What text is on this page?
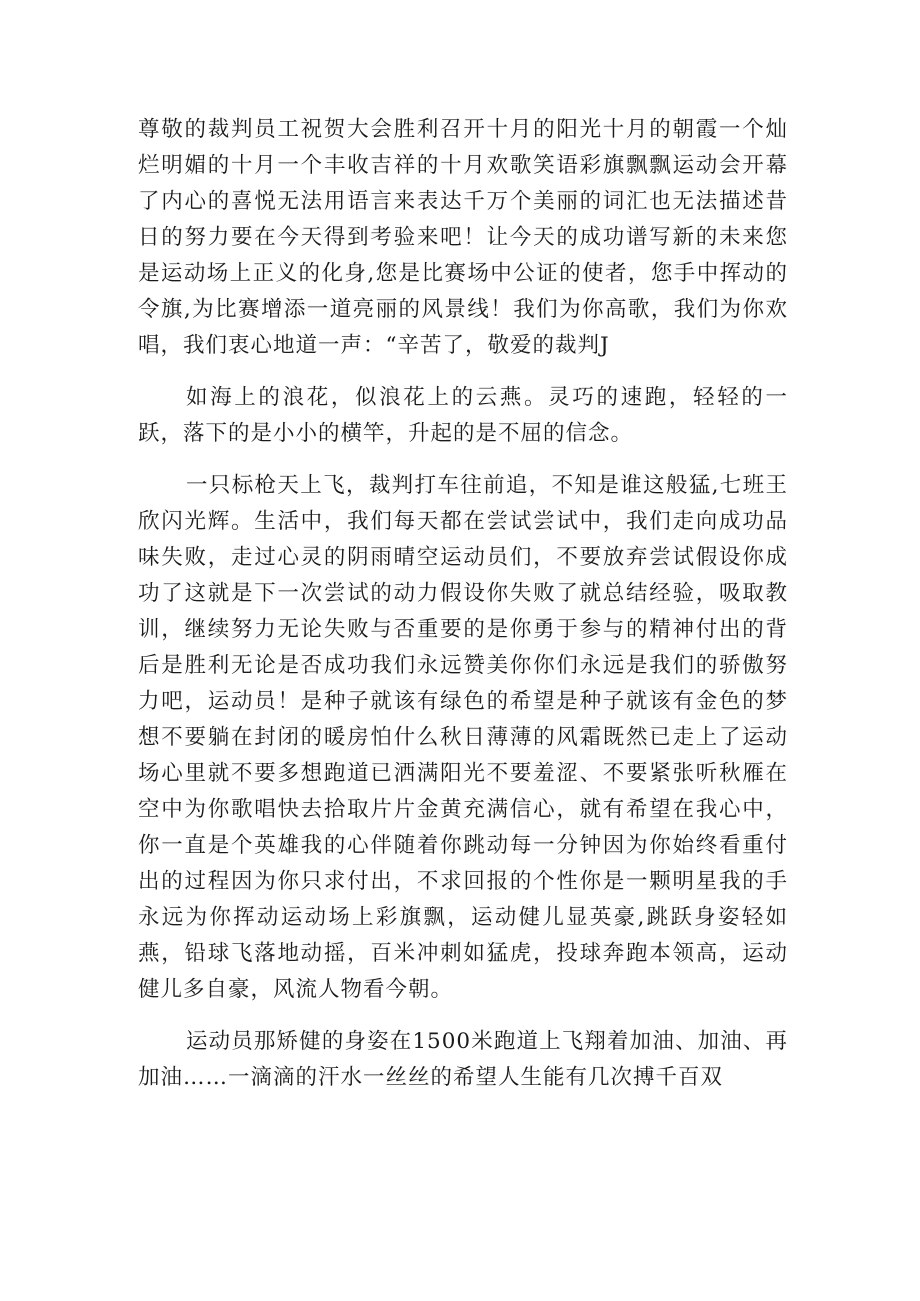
尊敬的裁判员工祝贺大会胜利召开十月的阳光十月的朝霞一个灿烂明媚的十月一个丰收吉祥的十月欢歌笑语彩旗飘飘运动会开幕了内心的喜悦无法用语言来表达千万个美丽的词汇也无法描述昔日的努力要在今天得到考验来吧！让今天的成功谱写新的未来您是运动场上正义的化身,您是比赛场中公证的使者，您手中挥动的令旗,为比赛增添一道亮丽的风景线！我们为你高歌，我们为你欢唱，我们衷心地道一声：“辛苦了，敬爱的裁判J

如海上的浪花，似浪花上的云燕。灵巧的速跑，轻轻的一跃，落下的是小小的横竿，升起的是不屈的信念。

一只标枪天上飞，裁判打车往前追，不知是谁这般猛,七班王欣闪光辉。生活中，我们每天都在尝试尝试中，我们走向成功品味失败，走过心灵的阴雨晴空运动员们，不要放弃尝试假设你成功了这就是下一次尝试的动力假设你失败了就总结经验，吸取教训，继续努力无论失败与否重要的是你勇于参与的精神付出的背后是胜利无论是否成功我们永远赞美你你们永远是我们的骄傲努力吧，运动员！是种子就该有绿色的希望是种子就该有金色的梦想不要躺在封闭的暖房怕什么秋日薄薄的风霜既然已走上了运动场心里就不要多想跑道已洒满阳光不要羞涩、不要紧张听秋雁在空中为你歌唱快去拾取片片金黄充满信心，就有希望在我心中，你一直是个英雄我的心伴随着你跳动每一分钟因为你始终看重付出的过程因为你只求付出，不求回报的个性你是一颗明星我的手永远为你挥动运动场上彩旗飘，运动健儿显英豪,跳跃身姿轻如燕，铅球飞落地动摇，百米冲刺如猛虎，投球奔跑本领高，运动健儿多自豪，风流人物看今朝。

运动员那矫健的身姿在1500米跑道上飞翔着加油、加油、再加油……一滴滴的汗水一丝丝的希望人生能有几次搏千百双
